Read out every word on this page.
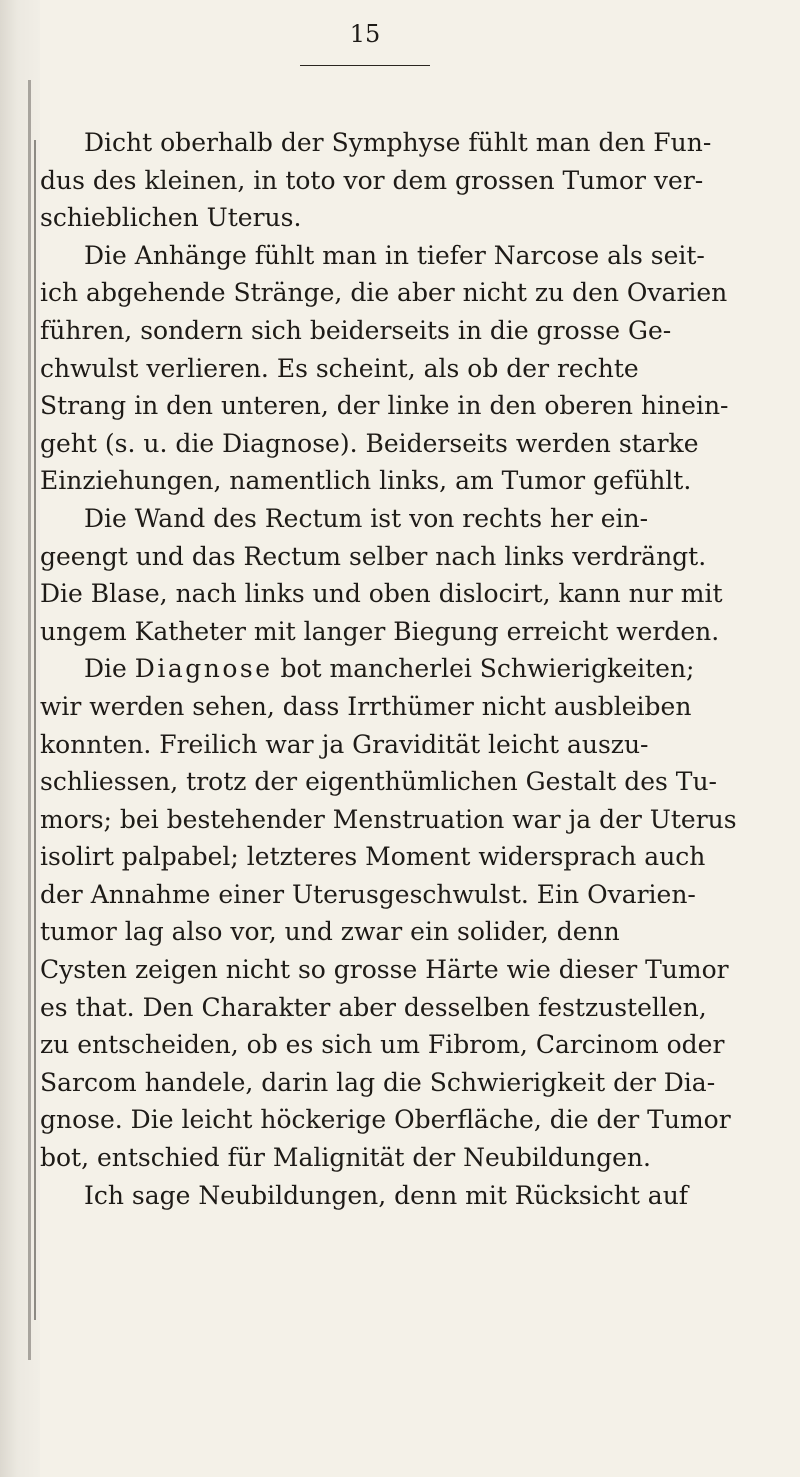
15
Dicht oberhalb der Symphyse fühlt man den Fun-
dus des kleinen, in toto vor dem grossen Tumor ver-
schieblichen Uterus.
Die Anhänge fühlt man in tiefer Narcose als seit-
ich abgehende Stränge, die aber nicht zu den Ovarien
führen, sondern sich beiderseits in die grosse Ge-
chwulst verlieren. Es scheint, als ob der rechte
Strang in den unteren, der linke in den oberen hinein-
geht (s. u. die Diagnose). Beiderseits werden starke
Einziehungen, namentlich links, am Tumor gefühlt.
Die Wand des Rectum ist von rechts her ein-
geengt und das Rectum selber nach links verdrängt.
Die Blase, nach links und oben dislocirt, kann nur mit
ungem Katheter mit langer Biegung erreicht werden.
Die Diagnose bot mancherlei Schwierigkeiten;
wir werden sehen, dass Irrthümer nicht ausbleiben
konnten. Freilich war ja Gravidität leicht auszu-
schliessen, trotz der eigenthümlichen Gestalt des Tu-
mors; bei bestehender Menstruation war ja der Uterus
isolirt palpabel; letzteres Moment widersprach auch
der Annahme einer Uterusgeschwulst. Ein Ovarien-
tumor lag also vor, und zwar ein solider, denn
Cysten zeigen nicht so grosse Härte wie dieser Tumor
es that. Den Charakter aber desselben festzustellen,
zu entscheiden, ob es sich um Fibrom, Carcinom oder
Sarcom handele, darin lag die Schwierigkeit der Dia-
gnose. Die leicht höckerige Oberfläche, die der Tumor
bot, entschied für Malignität der Neubildungen.
Ich sage Neubildungen, denn mit Rücksicht auf
